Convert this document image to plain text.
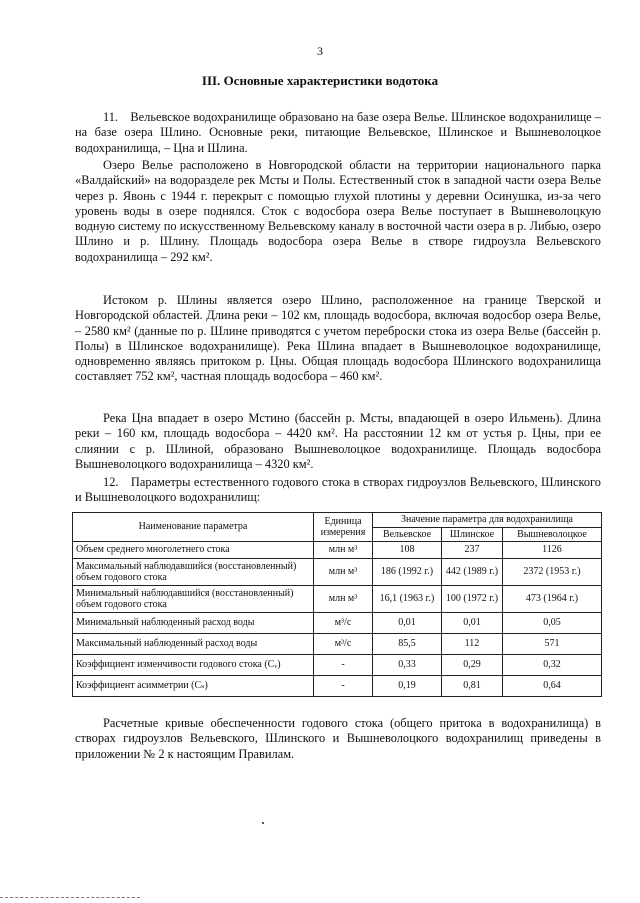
3
III. Основные характеристики водотока

11. Вельевское водохранилище образовано на базе озера Велье. Шлинское водохранилище – на базе озера Шлино. Основные реки, питающие Вельевское, Шлинское и Вышневолоцкое водохранилища, – Цна и Шлина.

Озеро Велье расположено в Новгородской области на территории национального парка «Валдайский» на водоразделе рек Мсты и Полы. Естественный сток в западной части озера Велье через р. Явонь с 1944 г. перекрыт с помощью глухой плотины у деревни Осинушка, из-за чего уровень воды в озере поднялся. Сток с водосбора озера Велье поступает в Вышневолоцкую водную систему по искусственному Вельевскому каналу в восточной части озера в р. Либью, озеро Шлино и р. Шлину. Площадь водосбора озера Велье в створе гидроузла Вельевского водохранилища – 292 км².

Истоком р. Шлины является озеро Шлино, расположенное на границе Тверской и Новгородской областей. Длина реки – 102 км, площадь водосбора, включая водосбор озера Велье, – 2580 км² (данные по р. Шлине приводятся с учетом переброски стока из озера Велье (бассейн р. Полы) в Шлинское водохранилище). Река Шлина впадает в Вышневолоцкое водохранилище, одновременно являясь притоком р. Цны. Общая площадь водосбора Шлинского водохранилища составляет 752 км², частная площадь водосбора – 460 км².

Река Цна впадает в озеро Мстино (бассейн р. Мсты, впадающей в озеро Ильмень). Длина реки – 160 км, площадь водосбора – 4420 км². На расстоянии 12 км от устья р. Цны, при ее слиянии с р. Шлиной, образовано Вышневолоцкое водохранилище. Площадь водосбора Вышневолоцкого водохранилища – 4320 км².

12. Параметры естественного годового стока в створах гидроузлов Вельевского, Шлинского и Вышневолоцкого водохранилищ:

Наименование параметра	Единица измерения	Значение параметра для водохранилища		
		Вельевское	Шлинское	Вышневолоцкое
Объем среднего многолетнего стока	млн м³	108	237	1126
Максимальный наблюдавшийся (восстановленный) объем годового стока	млн м³	186 (1992 г.)	442 (1989 г.)	2372 (1953 г.)
Минимальный наблюдавшийся (восстановленный) объем годового стока	млн м³	16,1 (1963 г.)	100 (1972 г.)	473 (1964 г.)
Минимальный наблюденный расход воды	м³/с	0,01	0,01	0,05
Максимальный наблюденный расход воды	м³/с	85,5	112	571
Коэффициент изменчивости годового стока (Cᵥ)	-	0,33	0,29	0,32
Коэффициент асимметрии (Cₛ)	-	0,19	0,81	0,64

Расчетные кривые обеспеченности годового стока (общего притока в водохранилища) в створах гидроузлов Вельевского, Шлинского и Вышневолоцкого водохранилищ приведены в приложении № 2 к настоящим Правилам.
